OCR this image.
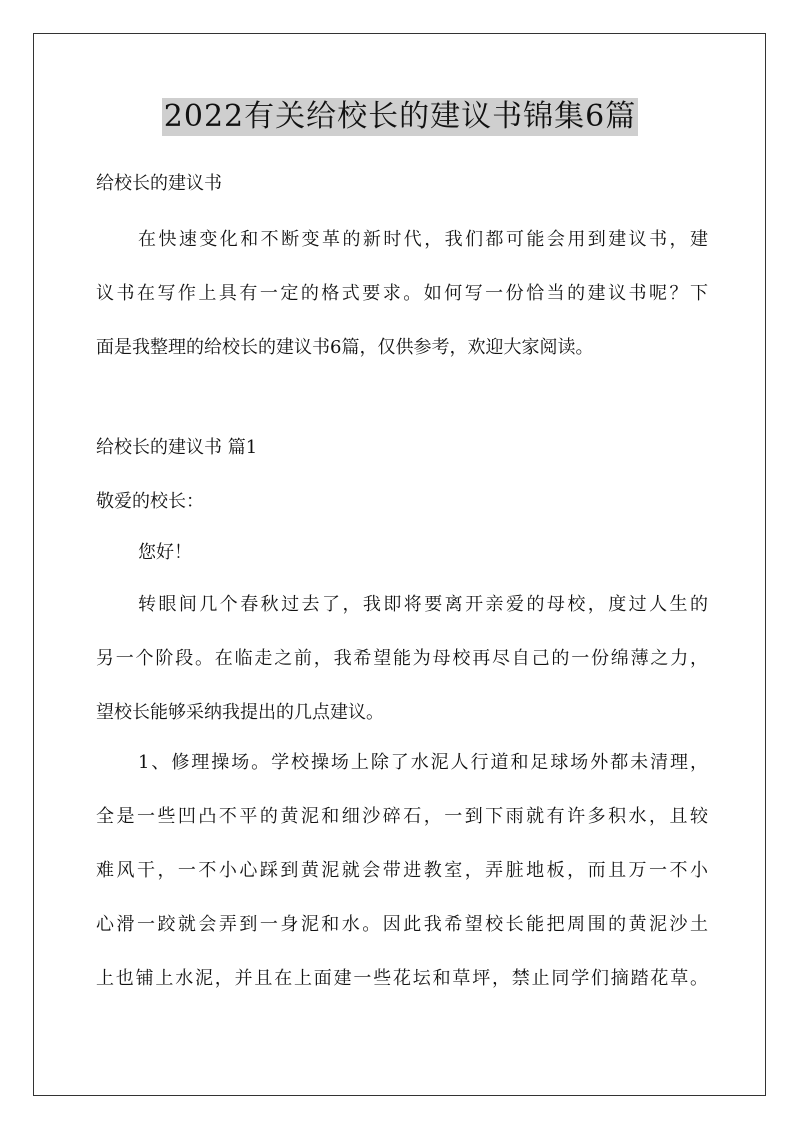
2022有关给校长的建议书锦集6篇
给校长的建议书
在快速变化和不断变革的新时代，我们都可能会用到建议书，建
议书在写作上具有一定的格式要求。如何写一份恰当的建议书呢？下
面是我整理的给校长的建议书6篇，仅供参考，欢迎大家阅读。
给校长的建议书 篇1
敬爱的校长：
您好！
转眼间几个春秋过去了，我即将要离开亲爱的母校，度过人生的
另一个阶段。在临走之前，我希望能为母校再尽自己的一份绵薄之力，
望校长能够采纳我提出的几点建议。
1、修理操场。学校操场上除了水泥人行道和足球场外都未清理，
全是一些凹凸不平的黄泥和细沙碎石，一到下雨就有许多积水，且较
难风干，一不小心踩到黄泥就会带进教室，弄脏地板，而且万一不小
心滑一跤就会弄到一身泥和水。因此我希望校长能把周围的黄泥沙土
上也铺上水泥，并且在上面建一些花坛和草坪，禁止同学们摘踏花草。
